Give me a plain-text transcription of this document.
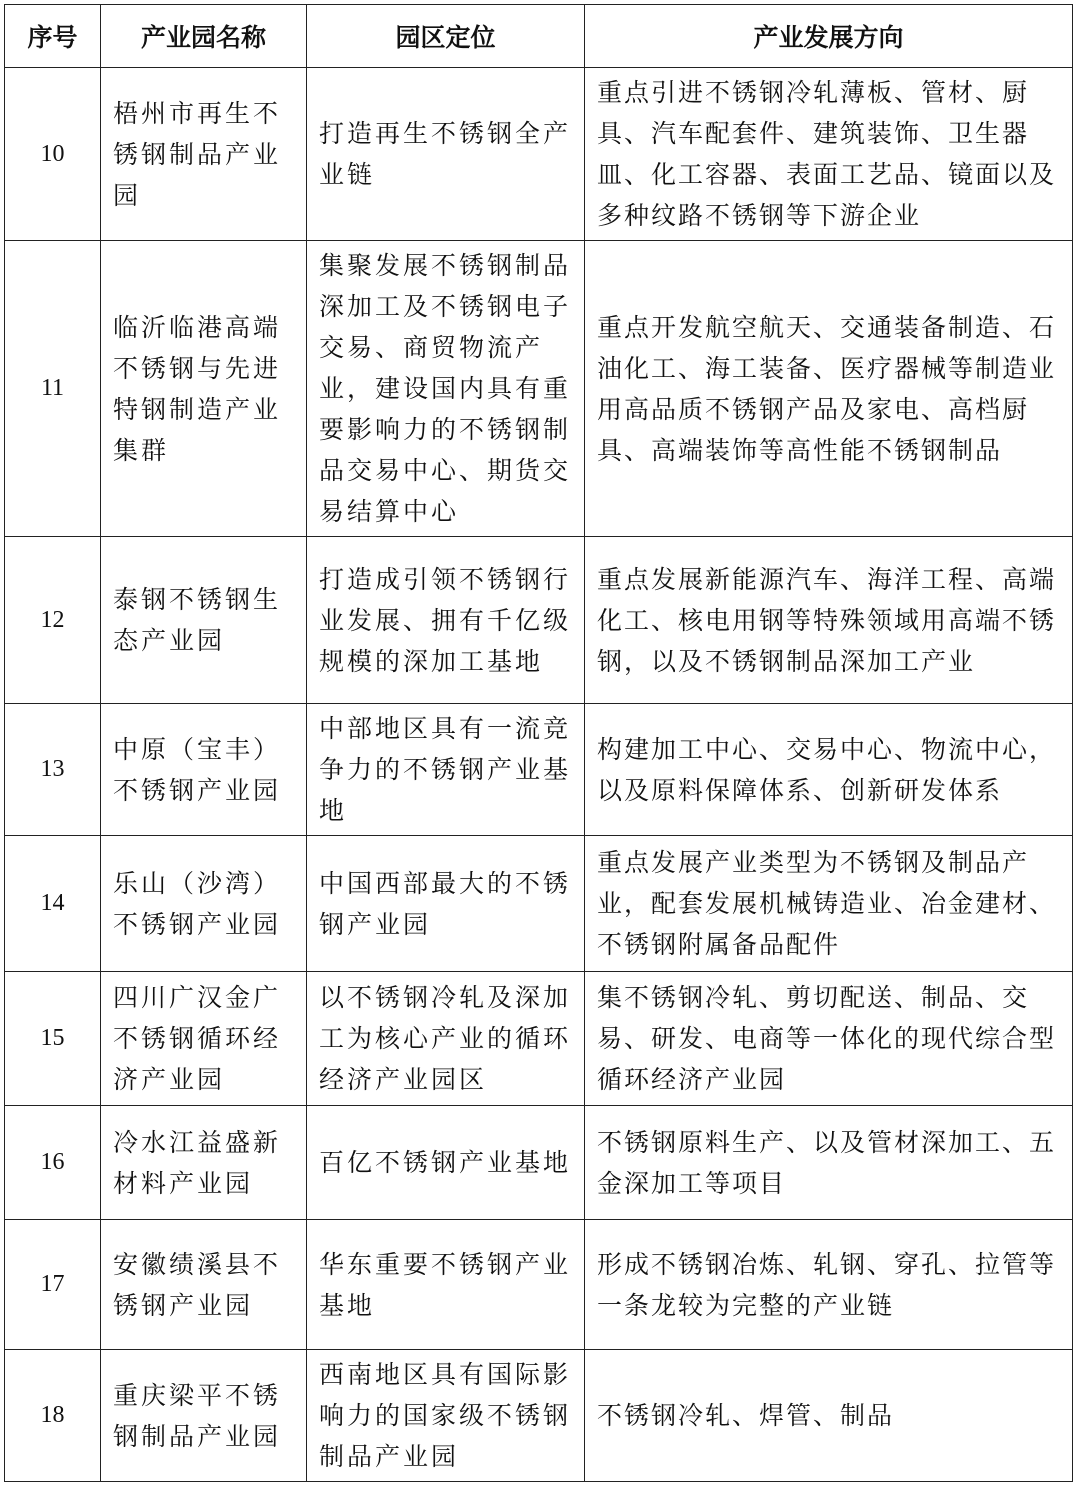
序号	产业园名称	园区定位	产业发展方向
10	梧州市再生不锈钢制品产业园	打造再生不锈钢全产业链	重点引进不锈钢冷轧薄板、管材、厨具、汽车配套件、建筑装饰、卫生器皿、化工容器、表面工艺品、镜面以及多种纹路不锈钢等下游企业
11	临沂临港高端不锈钢与先进特钢制造产业集群	集聚发展不锈钢制品深加工及不锈钢电子交易、商贸物流产业，建设国内具有重要影响力的不锈钢制品交易中心、期货交易结算中心	重点开发航空航天、交通装备制造、石油化工、海工装备、医疗器械等制造业用高品质不锈钢产品及家电、高档厨具、高端装饰等高性能不锈钢制品
12	泰钢不锈钢生态产业园	打造成引领不锈钢行业发展、拥有千亿级规模的深加工基地	重点发展新能源汽车、海洋工程、高端化工、核电用钢等特殊领域用高端不锈钢，以及不锈钢制品深加工产业
13	中原（宝丰）不锈钢产业园	中部地区具有一流竞争力的不锈钢产业基地	构建加工中心、交易中心、物流中心，以及原料保障体系、创新研发体系
14	乐山（沙湾）不锈钢产业园	中国西部最大的不锈钢产业园	重点发展产业类型为不锈钢及制品产业，配套发展机械铸造业、冶金建材、不锈钢附属备品配件
15	四川广汉金广不锈钢循环经济产业园	以不锈钢冷轧及深加工为核心产业的循环经济产业园区	集不锈钢冷轧、剪切配送、制品、交易、研发、电商等一体化的现代综合型循环经济产业园
16	冷水江益盛新材料产业园	百亿不锈钢产业基地	不锈钢原料生产、以及管材深加工、五金深加工等项目
17	安徽绩溪县不锈钢产业园	华东重要不锈钢产业基地	形成不锈钢冶炼、轧钢、穿孔、拉管等一条龙较为完整的产业链
18	重庆梁平不锈钢制品产业园	西南地区具有国际影响力的国家级不锈钢制品产业园	不锈钢冷轧、焊管、制品
